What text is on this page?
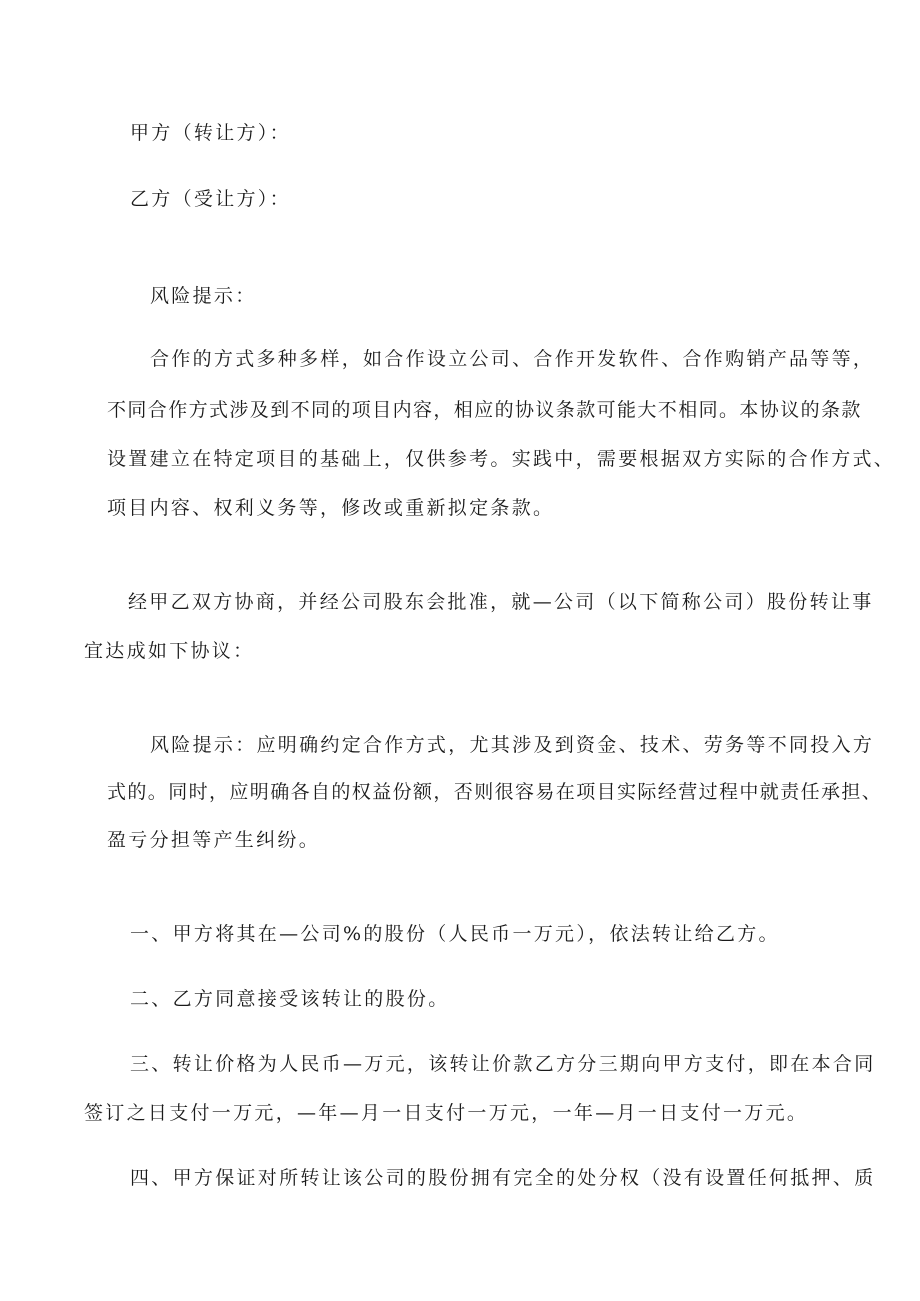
甲方（转让方）：
乙方（受让方）：
风险提示：
合作的方式多种多样，如合作设立公司、合作开发软件、合作购销产品等等，
不同合作方式涉及到不同的项目内容，相应的协议条款可能大不相同。本协议的条款
设置建立在特定项目的基础上，仅供参考。实践中，需要根据双方实际的合作方式、
项目内容、权利义务等，修改或重新拟定条款。
经甲乙双方协商，并经公司股东会批准，就—公司（以下简称公司）股份转让事
宜达成如下协议：
风险提示：应明确约定合作方式，尤其涉及到资金、技术、劳务等不同投入方
式的。同时，应明确各自的权益份额，否则很容易在项目实际经营过程中就责任承担、
盈亏分担等产生纠纷。
一、甲方将其在—公司%的股份（人民币一万元），依法转让给乙方。
二、乙方同意接受该转让的股份。
三、转让价格为人民币—万元，该转让价款乙方分三期向甲方支付，即在本合同
签订之日支付一万元，—年—月一日支付一万元，一年—月一日支付一万元。
四、甲方保证对所转让该公司的股份拥有完全的处分权（没有设置任何抵押、质
